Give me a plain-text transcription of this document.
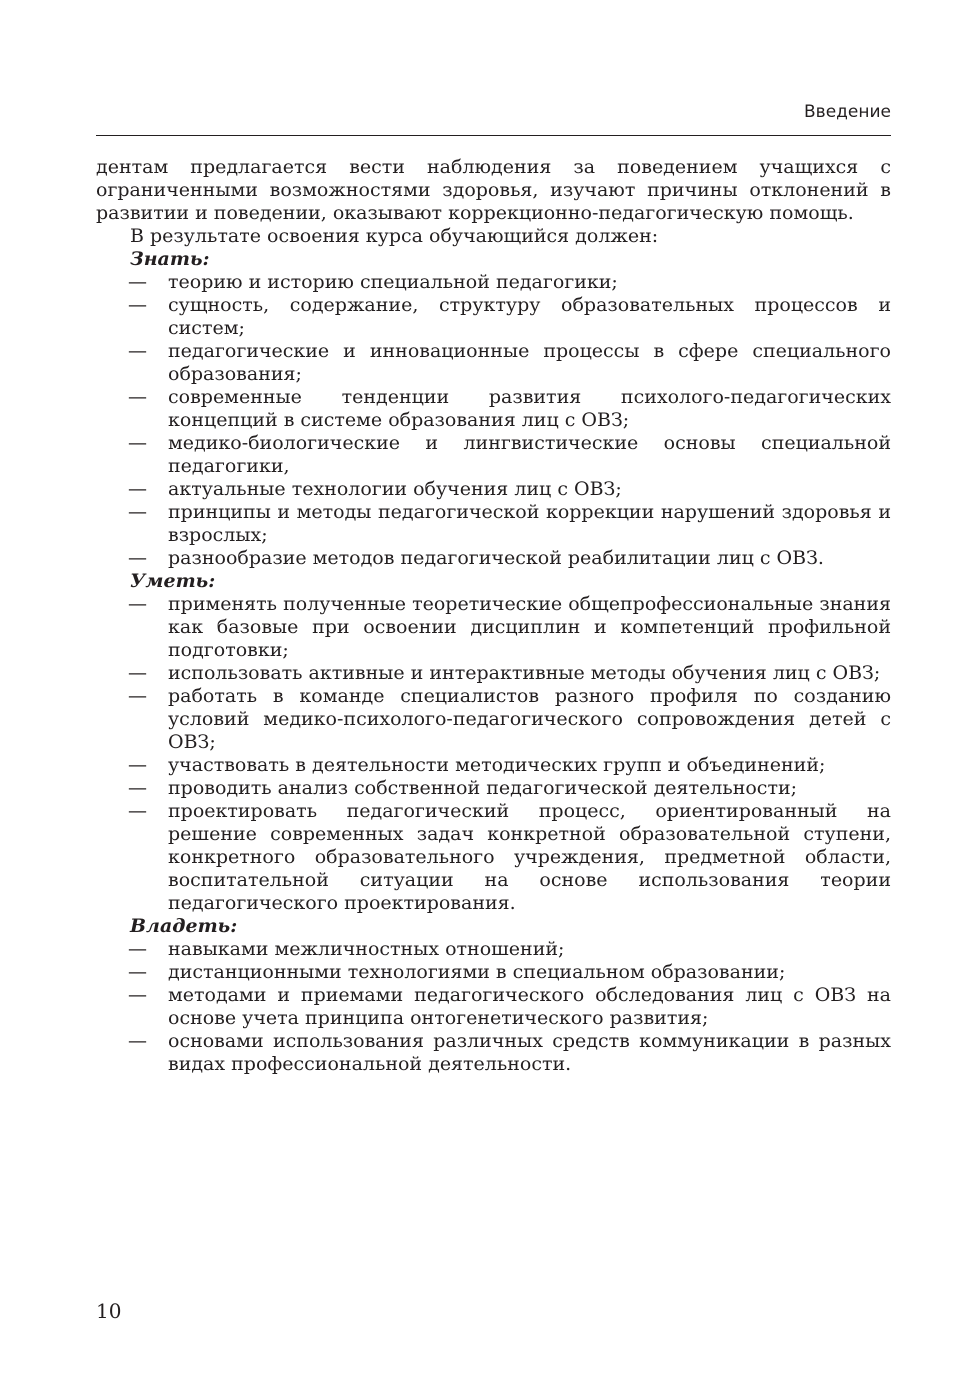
Введение

дентам предлагается вести наблюдения за поведением учащихся с ограниченными возможностями здоровья, изучают причины отклонений в развитии и поведении, оказывают коррекционно-педагогическую помощь.

В результате освоения курса обучающийся должен:

Знать:

— теорию и историю специальной педагогики;
— сущность, содержание, структуру образовательных процессов и систем;
— педагогические и инновационные процессы в сфере специального образования;
— современные тенденции развития психолого-педагогических концепций в системе образования лиц с ОВЗ;
— медико-биологические и лингвистические основы специальной педагогики,
— актуальные технологии обучения лиц с ОВЗ;
— принципы и методы педагогической коррекции нарушений здоровья и взрослых;
— разнообразие методов педагогической реабилитации лиц с ОВЗ.

Уметь:

— применять полученные теоретические общепрофессиональные знания как базовые при освоении дисциплин и компетенций профильной подготовки;
— использовать активные и интерактивные методы обучения лиц с ОВЗ;
— работать в команде специалистов разного профиля по созданию условий медико-психолого-педагогического сопровождения детей с ОВЗ;
— участвовать в деятельности методических групп и объединений;
— проводить анализ собственной педагогической деятельности;
— проектировать педагогический процесс, ориентированный на решение современных задач конкретной образовательной ступени, конкретного образовательного учреждения, предметной области, воспитательной ситуации на основе использования теории педагогического проектирования.

Владеть:

— навыками межличностных отношений;
— дистанционными технологиями в специальном образовании;
— методами и приемами педагогического обследования лиц с ОВЗ на основе учета принципа онтогенетического развития;
— основами использования различных средств коммуникации в разных видах профессиональной деятельности.
10
